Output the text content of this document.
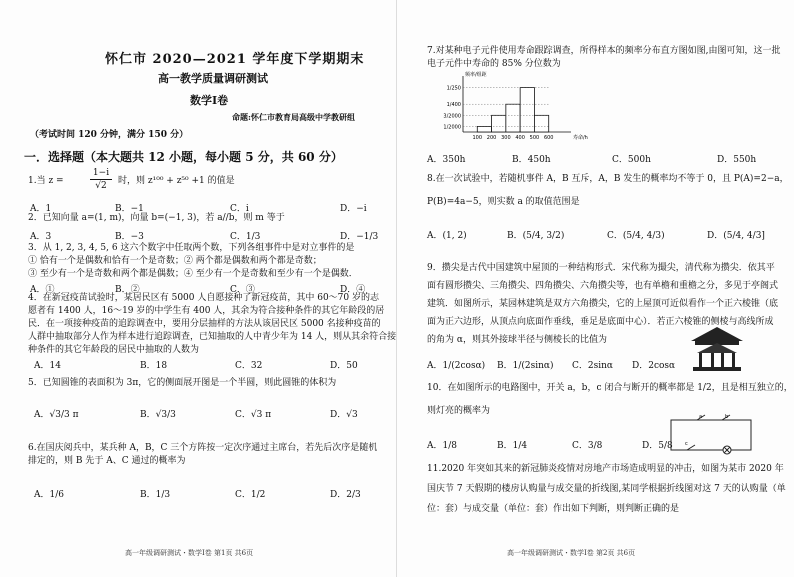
怀仁市 2020—2021 学年度下学期期末
高一教学质量调研测试
数学Ⅰ卷
命题:怀仁市教育局高级中学教研组
（考试时间 120 分钟，满分 150 分）
一．选择题（本大题共 12 小题，每小题 5 分，共 60 分）
1.当 z =
1−i
√2	时，则 z¹⁰⁰ + z⁵⁰ +1 的值是
A．1	B．−1	C．i	D．−i
2．已知向量 a=(1, m)，向量 b=(−1, 3)，若 a//b，则 m 等于
A．3	B．−3	C．1/3	D．−1/3
3．从 1, 2, 3, 4, 5, 6 这六个数字中任取两个数，下列各组事件中是对立事件的是
① 恰有一个是偶数和恰有一个是奇数；② 两个都是偶数和两个都是奇数；
③ 至少有一个是奇数和两个都是偶数；④ 至少有一个是奇数和至少有一个是偶数．
A．①	B．②	C．③	D．④
4．在新冠疫苗试验时，某居民区有 5000 人自愿接种了新冠疫苗，其中 60～70 岁的志
愿者有 1400 人，16～19 岁的中学生有 400 人，其余为符合接种条件的其它年龄段的居
民．在一项接种疫苗的追踪调查中，要用分层抽样的方法从该居民区 5000 名接种疫苗的
人群中抽取部分人作为样本进行追踪调查，已知抽取的人中青少年为 14 人，则从其余符合接
种条件的其它年龄段的居民中抽取的人数为
A．14	B．18	C．32	D．50
5．已知圆锥的表面积为 3π，它的侧面展开图是一个半圆，则此圆锥的体积为
A．√3/3 π	B．√3/3	C．√3 π	D．√3
6.在国庆阅兵中，某兵种 A，B，C 三个方阵按一定次序通过主席台，若先后次序是随机
排定的，则 B 先于 A、C 通过的概率为
A．1/6	B．1/3	C．1/2	D．2/3
高一年级调研测试・数学Ⅰ卷 第1页 共6页
7.对某种电子元件使用寿命跟踪调查，所得样本的频率分布直方图如图,由图可知，这一批
电子元件中寿命的 85% 分位数为
1/2000
3/2000
1/400
1/250
100 200 300 400 500 600	寿命/h
频率/组距
A．350h	B．450h	C．500h	D．550h
8.在一次试验中，若随机事件 A，B 互斥，A，B 发生的概率均不等于 0，且 P(A)=2−a，
P(B)=4a−5，则实数 a 的取值范围是
A．(1, 2)	B．(5/4, 3/2)	C．(5/4, 4/3)	D．(5/4, 4/3]
9．攒尖是古代中国建筑中屋顶的一种结构形式．宋代称为撮尖，清代称为攒尖．依其平
面有圆形攒尖、三角攒尖、四角攒尖、六角攒尖等，也有单檐和重檐之分，多见于亭阁式
建筑．如图所示，某园林建筑是双方六角攒尖，它的上屋顶可近似看作一个正六棱锥（底
面为正六边形，从顶点向底面作垂线，垂足是底面中心）．若正六棱锥的侧棱与高线所成
的角为 α，则其外接球半径与侧棱长的比值为
A．1/(2cosα) B．1/(2sinα) C．2sinα D．2cosα
10．在如图所示的电路图中，开关 a，b，c 闭合与断开的概率都是 1/2，且是相互独立的，
则灯亮的概率为
A．1/8	B．1/4	C．3/8	D．5/8
a	b
c
11.2020 年突如其来的新冠肺炎疫情对房地产市场造成明显的冲击，如图为某市 2020 年
国庆节 7 天假期的楼房认购量与成交量的折线图,某同学根据折线图对这 7 天的认购量（单
位：套）与成交量（单位：套）作出如下判断，则判断正确的是
高一年级调研测试・数学Ⅰ卷 第2页 共6页
